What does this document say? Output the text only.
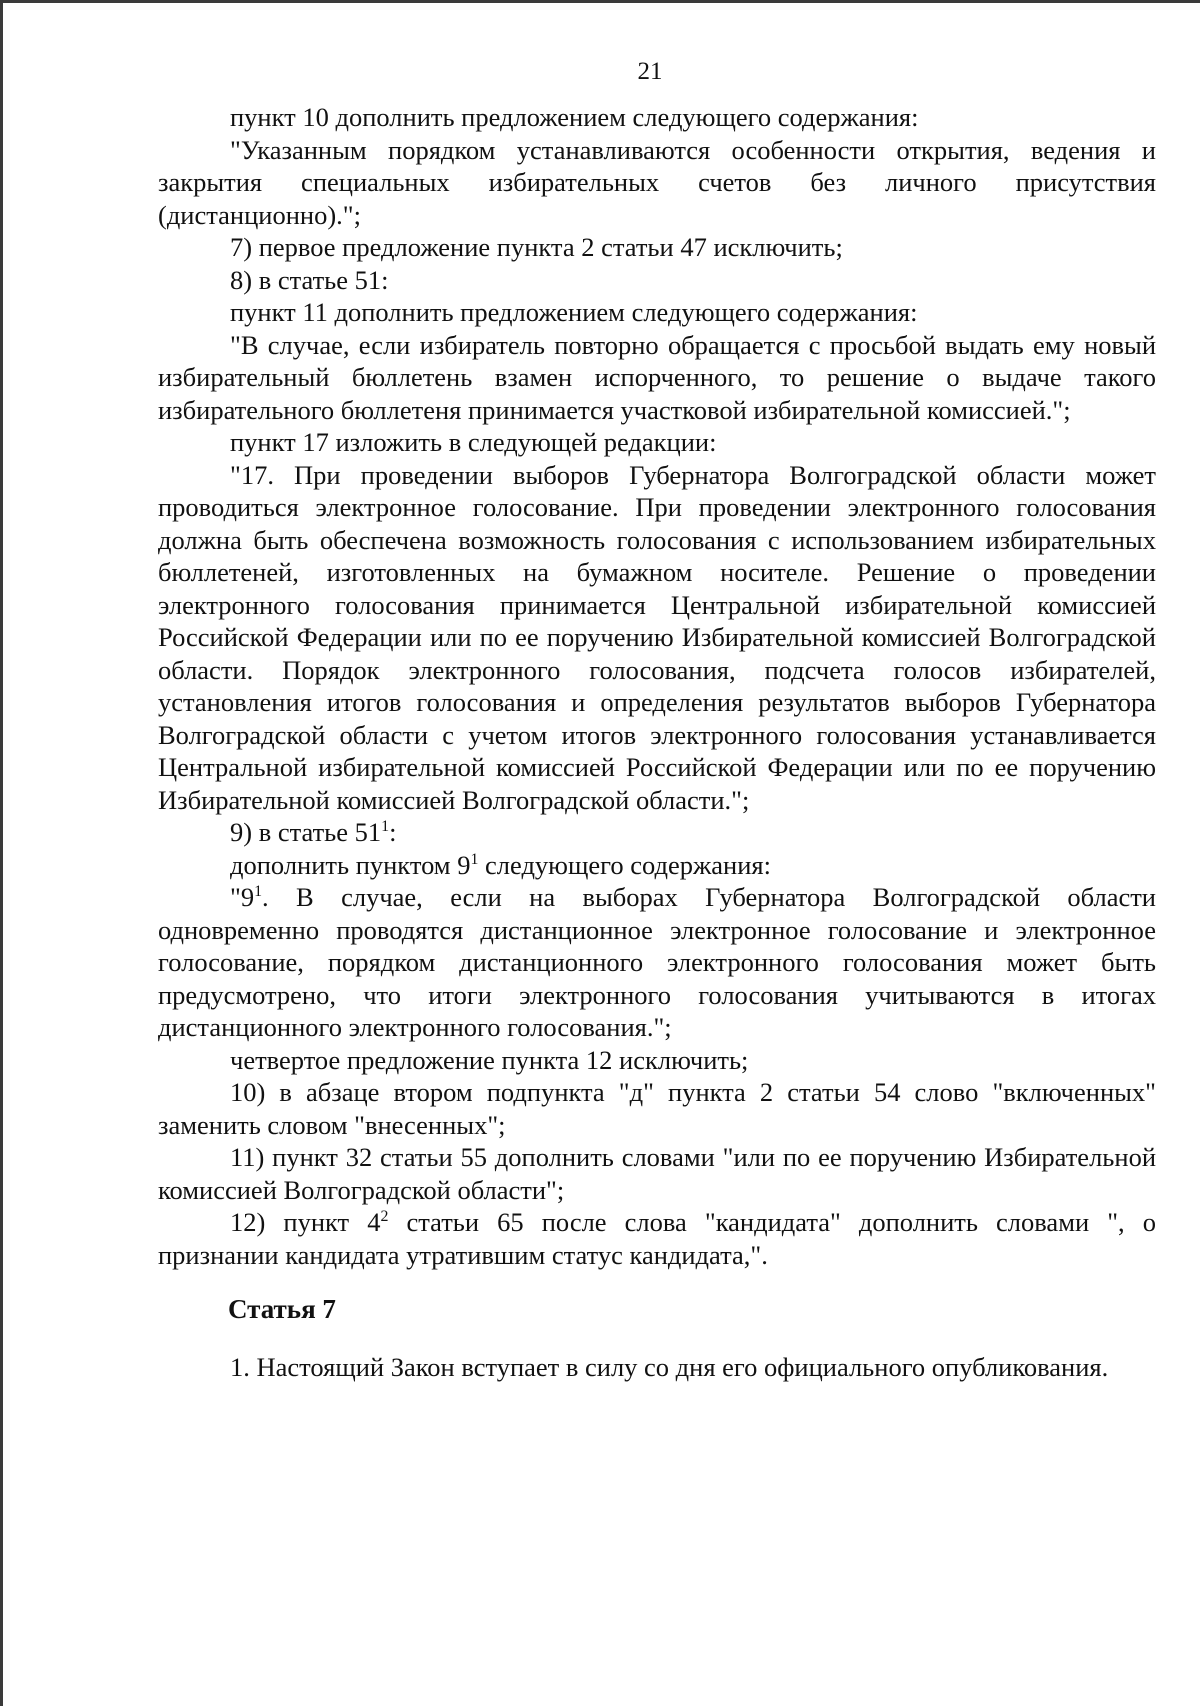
21

пункт 10 дополнить предложением следующего содержания:

"Указанным порядком устанавливаются особенности открытия, ведения и закрытия специальных избирательных счетов без личного присутствия (дистанционно).";

7) первое предложение пункта 2 статьи 47 исключить;

8) в статье 51:

пункт 11 дополнить предложением следующего содержания:

"В случае, если избиратель повторно обращается с просьбой выдать ему новый избирательный бюллетень взамен испорченного, то решение о выдаче такого избирательного бюллетеня принимается участковой избирательной комиссией.";

пункт 17 изложить в следующей редакции:

"17. При проведении выборов Губернатора Волгоградской области может проводиться электронное голосование. При проведении электронного голосования должна быть обеспечена возможность голосования с использованием избирательных бюллетеней, изготовленных на бумажном носителе. Решение о проведении электронного голосования принимается Центральной избирательной комиссией Российской Федерации или по ее поручению Избирательной комиссией Волгоградской области. Порядок электронного голосования, подсчета голосов избирателей, установления итогов голосования и определения результатов выборов Губернатора Волгоградской области с учетом итогов электронного голосования устанавливается Центральной избирательной комиссией Российской Федерации или по ее поручению Избирательной комиссией Волгоградской области.";

9) в статье $51^1$:

дополнить пунктом $9^1$ следующего содержания:

"$9^1$. В случае, если на выборах Губернатора Волгоградской области одновременно проводятся дистанционное электронное голосование и электронное голосование, порядком дистанционного электронного голосования может быть предусмотрено, что итоги электронного голосования учитываются в итогах дистанционного электронного голосования.";

четвертое предложение пункта 12 исключить;

10) в абзаце втором подпункта "д" пункта 2 статьи 54 слово "включенных" заменить словом "внесенных";

11) пункт 32 статьи 55 дополнить словами "или по ее поручению Избирательной комиссией Волгоградской области";

12) пункт $4^2$ статьи 65 после слова "кандидата" дополнить словами ", о признании кандидата утратившим статус кандидата,".

Статья 7

1. Настоящий Закон вступает в силу со дня его официального опубликования.
